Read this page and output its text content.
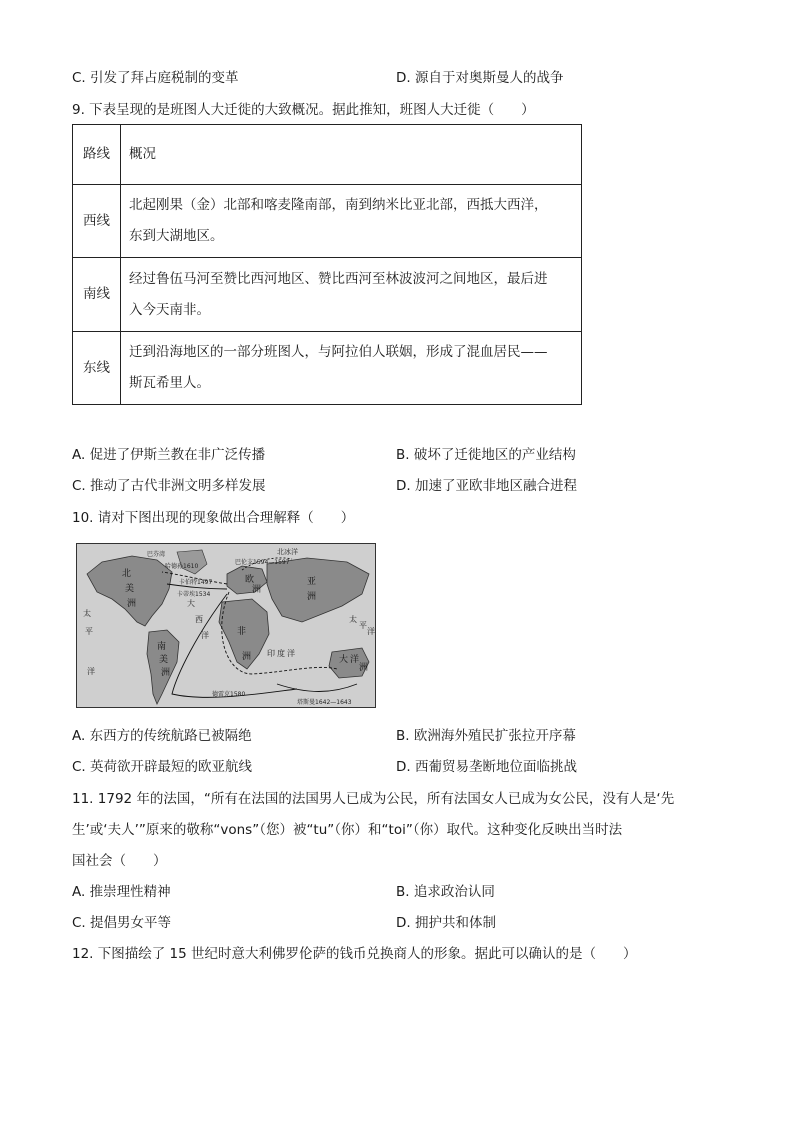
C. 引发了拜占庭税制的变革	D. 源自于对奥斯曼人的战争
9. 下表呈现的是班图人大迁徙的大致概况。据此推知，班图人大迁徙（　　）
路线	概况
西线	北起刚果（金）北部和喀麦隆南部，南到纳米比亚北部，西抵大西洋，
东到大湖地区。

南线	经过鲁伍马河至赞比西河地区、赞比西河至林波波河之间地区，最后进
入今天南非。

东线	迁到沿海地区的一部分班图人，与阿拉伯人联姻，形成了混血居民——
斯瓦希里人。
A. 促进了伊斯兰教在非广泛传播	B. 破坏了迁徙地区的产业结构
C. 推动了古代非洲文明多样发展	D. 加速了亚欧非地区融合进程
10. 请对下图出现的现象做出合理解释（　　）
北
美
洲
欧
洲
亚
洲
非
洲
南
美
洲
大 洋
洲
太
平
洋
太
平
洋
印 度 洋
大
西
洋
北冰洋
巴芬湾
哈德孙1610
卡蒂埃1534
卡伯特1497
巴伦支1594—1597
德雷克1580
塔斯曼1642—1643
A. 东西方的传统航路已被隔绝	B. 欧洲海外殖民扩张拉开序幕
C. 英荷欲开辟最短的欧亚航线	D. 西葡贸易垄断地位面临挑战
11. 1792 年的法国，“所有在法国的法国男人已成为公民，所有法国女人已成为女公民，没有人是‘先
生’或‘夫人’”原来的敬称“vons”（您）被“tu”（你）和“toi”（你）取代。这种变化反映出当时法
国社会（　　）
A. 推崇理性精神	B. 追求政治认同
C. 提倡男女平等	D. 拥护共和体制
12. 下图描绘了 15 世纪时意大利佛罗伦萨的钱币兑换商人的形象。据此可以确认的是（　　）
